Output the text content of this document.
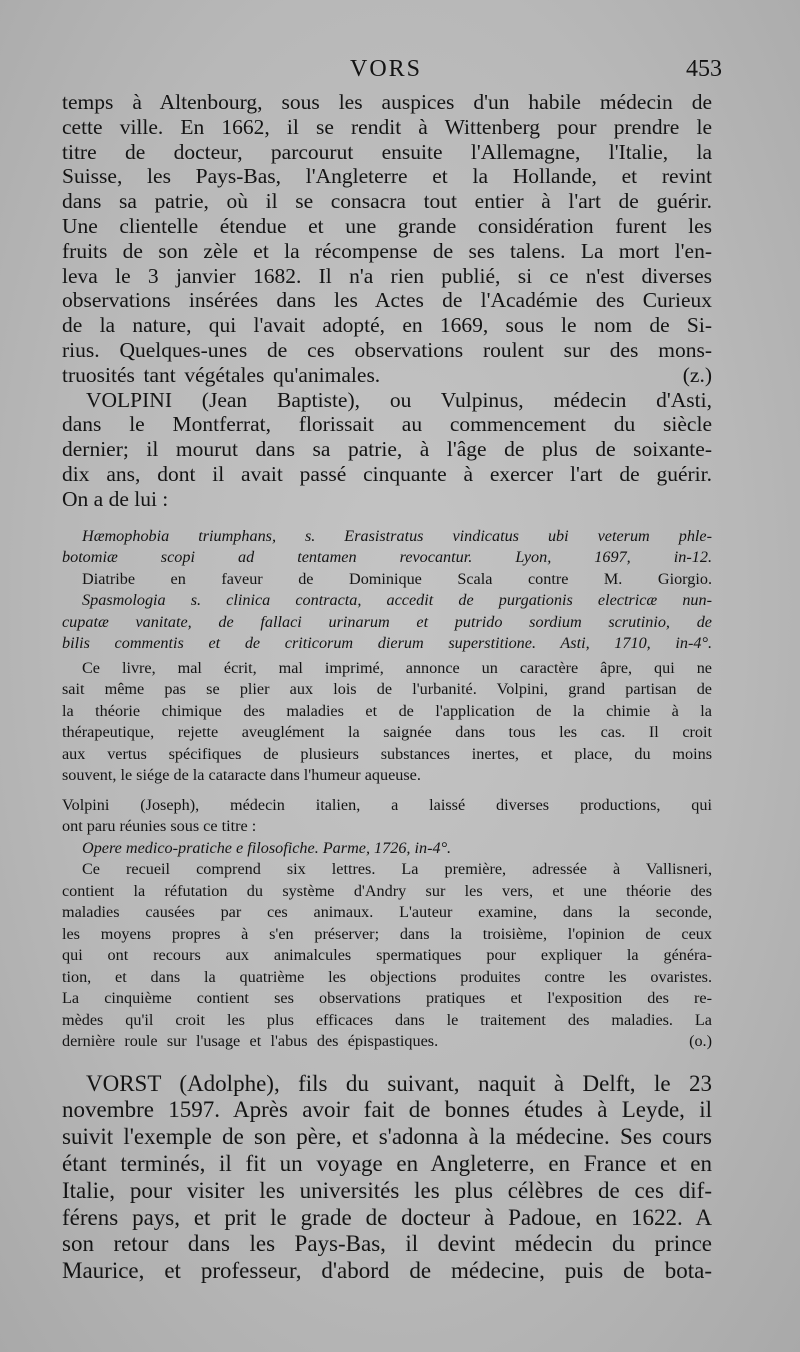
VORS	453
temps à Altenbourg, sous les auspices d'un habile médecin de
cette ville. En 1662, il se rendit à Wittenberg pour prendre le
titre de docteur, parcourut ensuite l'Allemagne, l'Italie, la
Suisse, les Pays-Bas, l'Angleterre et la Hollande, et revint
dans sa patrie, où il se consacra tout entier à l'art de guérir.
Une clientelle étendue et une grande considération furent les
fruits de son zèle et la récompense de ses talens. La mort l'en-
leva le 3 janvier 1682. Il n'a rien publié, si ce n'est diverses
observations insérées dans les Actes de l'Académie des Curieux
de la nature, qui l'avait adopté, en 1669, sous le nom de Si-
rius. Quelques-unes de ces observations roulent sur des mons-
truosités tant végétales qu'animales.                                   (z.)
VOLPINI (Jean Baptiste), ou Vulpinus, médecin d'Asti,
dans le Montferrat, florissait au commencement du siècle
dernier; il mourut dans sa patrie, à l'âge de plus de soixante-
dix ans, dont il avait passé cinquante à exercer l'art de guérir.
On a de lui :
Hæmophobia triumphans, s. Erasistratus vindicatus ubi veterum phle-
botomiæ scopi ad tentamen revocantur. Lyon, 1697, in-12.
Diatribe en faveur de Dominique Scala contre M. Giorgio.
Spasmologia s. clinica contracta, accedit de purgationis electricæ nun-
cupatæ vanitate, de fallaci urinarum et putrido sordium scrutinio, de
bilis commentis et de criticorum dierum superstitione. Asti, 1710, in-4°.
Ce livre, mal écrit, mal imprimé, annonce un caractère âpre, qui ne
sait même pas se plier aux lois de l'urbanité. Volpini, grand partisan de
la théorie chimique des maladies et de l'application de la chimie à la
thérapeutique, rejette aveuglément la saignée dans tous les cas. Il croit
aux vertus spécifiques de plusieurs substances inertes, et place, du moins
souvent, le siége de la cataracte dans l'humeur aqueuse.
Volpini (Joseph), médecin italien, a laissé diverses productions, qui
ont paru réunies sous ce titre :
Opere medico-pratiche e filosofiche. Parme, 1726, in-4°.
Ce recueil comprend six lettres. La première, adressée à Vallisneri,
contient la réfutation du système d'Andry sur les vers, et une théorie des
maladies causées par ces animaux. L'auteur examine, dans la seconde,
les moyens propres à s'en préserver; dans la troisième, l'opinion de ceux
qui ont recours aux animalcules spermatiques pour expliquer la généra-
tion, et dans la quatrième les objections produites contre les ovaristes.
La cinquième contient ses observations pratiques et l'exposition des re-
mèdes qu'il croit les plus efficaces dans le traitement des maladies. La
dernière roule sur l'usage et l'abus des épispastiques.                           (o.)
VORST (Adolphe), fils du suivant, naquit à Delft, le 23
novembre 1597. Après avoir fait de bonnes études à Leyde, il
suivit l'exemple de son père, et s'adonna à la médecine. Ses cours
étant terminés, il fit un voyage en Angleterre, en France et en
Italie, pour visiter les universités les plus célèbres de ces dif-
férens pays, et prit le grade de docteur à Padoue, en 1622. A
son retour dans les Pays-Bas, il devint médecin du prince
Maurice, et professeur, d'abord de médecine, puis de bota-
